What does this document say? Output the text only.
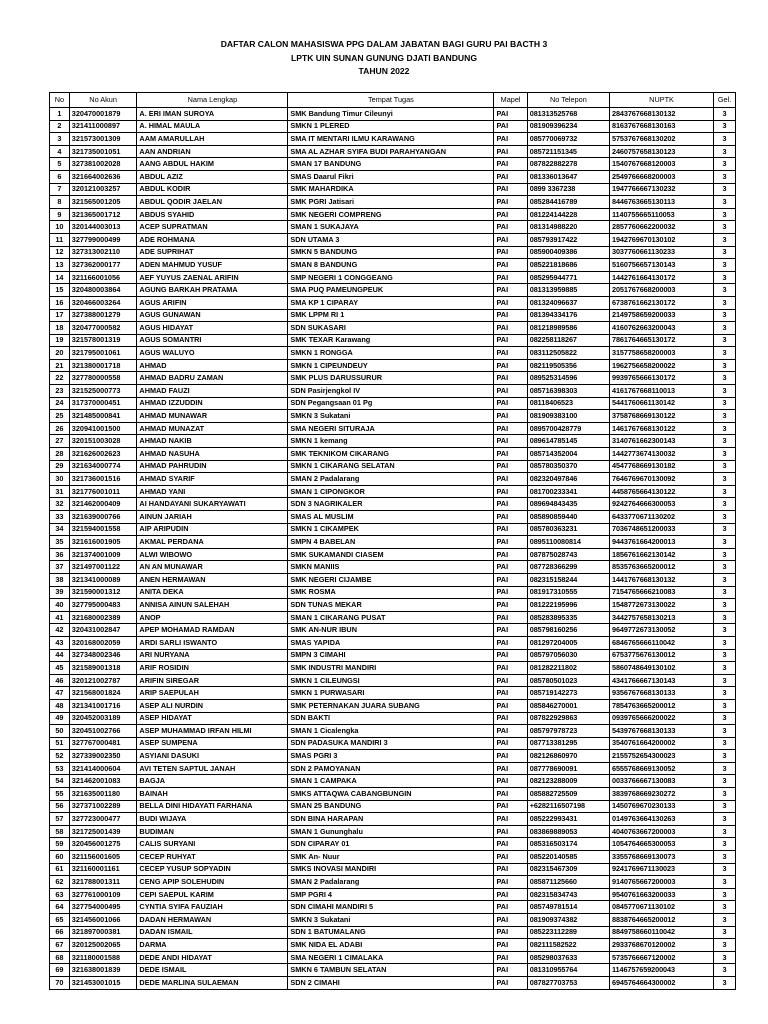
DAFTAR CALON MAHASISWA PPG DALAM JABATAN BAGI GURU PAI BACTH 3
LPTK UIN SUNAN GUNUNG DJATI BANDUNG
TAHUN 2022
No	No Akun	Nama Lengkap	Tempat Tugas	Mapel	No Telepon	NUPTK	Gel.
1	320470001879	A. ERI IMAN SUROYA	SMK Bandung Timur Cileunyi	PAI	081313525768	2843767668130132	3
2	321411000897	A. HIMAL MAULA	SMKN 1 PLERED	PAI	081909396234	8163767668130163	3
3	321573001309	AAM AMARULLAH	SMA IT MENTARI ILMU KARAWANG	PAI	085770069732	5753767668130202	3
4	321735001051	AAN ANDRIAN	SMA AL AZHAR SYIFA BUDI PARAHYANGAN	PAI	085721151345	2460757658130123	3
5	327381002028	AANG ABDUL HAKIM	SMAN 17 BANDUNG	PAI	087822882278	1540767668120003	3
6	321664002636	ABDUL AZIZ	SMAS Daarul Fikri	PAI	081336013647	2549766668200003	3
7	320121003257	ABDUL KODIR	SMK MAHARDIKA	PAI	0899 3367238	1947766667130232	3
8	321565001205	ABDUL QODIR JAELAN	SMK PGRI Jatisari	PAI	085284416789	8446763665130113	3
9	321365001712	ABDUS SYAHID	SMK NEGERI COMPRENG	PAI	081224144228	1140755665110053	3
10	320144003013	ACEP SUPRATMAN	SMAN 1 SUKAJAYA	PAI	081314988220	2857760662200032	3
11	327799000499	ADE ROHMANA	SDN UTAMA 3	PAI	085793917422	1942769670130102	3
12	327313002110	ADE SUPRIHAT	SMKN 5 BANDUNG	PAI	085900409386	3037760661130233	3
13	327362000177	ADEN MAHMUD YUSUF	SMAN 8 BANDUNG	PAI	085221818686	5160756657130143	3
14	321166001056	AEF YUYUS ZAENAL ARIFIN	SMP NEGERI 1 CONGGEANG	PAI	085295944771	1442761664130172	3
15	320480003864	AGUNG BARKAH PRATAMA	SMA PUQ PAMEUNGPEUK	PAI	081313959885	2051767668200003	3
16	320466003264	AGUS ARIFIN	SMA KP 1 CIPARAY	PAI	081324096637	6738761662130172	3
17	327388001279	AGUS GUNAWAN	SMK LPPM RI 1	PAI	081394334176	2149758659200033	3
18	320477000582	AGUS HIDAYAT	SDN SUKASARI	PAI	081218989586	4160762663200043	3
19	321578001319	AGUS SOMANTRI	SMK TEXAR Karawang	PAI	082258118267	7861764665130172	3
20	321795001061	AGUS WALUYO	SMKN 1 RONGGA	PAI	083112505822	3157758658200003	3
21	321380001718	AHMAD	SMKN 1 CIPEUNDEUY	PAI	082119505356	1962756658200022	3
22	327780000558	AHMAD BADRU ZAMAN	SMK PLUS DARUSSURUR	PAI	089525314596	9939765666130172	3
23	321525000773	AHMAD FAUZI	SDN Pasirjengkol IV	PAI	085716398303	4161767668110013	3
24	317370000451	AHMAD IZZUDDIN	SDN Pegangsaan 01 Pg	PAI	08118406523	5441760661130142	3
25	321485000841	AHMAD MUNAWAR	SMKN 3 Sukatani	PAI	081909383100	3758768669130122	3
26	320941001500	AHMAD MUNAZAT	SMA NEGERI SITURAJA	PAI	0895700428779	1461767668130122	3
27	320151003028	AHMAD NAKIB	SMKN 1 kemang	PAI	089614785145	3140761662300143	3
28	321626002623	AHMAD NASUHA	SMK TEKNIKOM CIKARANG	PAI	085714352004	1442773674130032	3
29	321634000774	AHMAD PAHRUDIN	SMKN 1 CIKARANG SELATAN	PAI	085780350370	4547768669130182	3
30	321736001516	AHMAD SYARIF	SMAN 2 Padalarang	PAI	082320497846	7646769670130092	3
31	321776001011	AHMAD YANI	SMAN 1 CIPONGKOR	PAI	081700233341	4458765664130122	3
32	321462000409	AI HANDAYANI SUKARYAWATI	SDN 3 NAGRIKALER	PAI	089694843435	9242764666300053	3
33	321639000766	AINUN JARIAH	SMAS AL MUSLIM	PAI	085890859440	6433770671130202	3
34	321594001558	AIP ARIPUDIN	SMKN 1 CIKAMPEK	PAI	085780363231	7036748651200033	3
35	321616001905	AKMAL PERDANA	SMPN 4 BABELAN	PAI	0895110080814	9443761664200013	3
36	321374001009	ALWI WIBOWO	SMK SUKAMANDI CIASEM	PAI	087875028743	1856761662130142	3
37	321497001122	AN AN MUNAWAR	SMKN MANIIS	PAI	087728366299	8535763665200012	3
38	321341000089	ANEN HERMAWAN	SMK NEGERI CIJAMBE	PAI	082315158244	1441767668130132	3
39	321590001312	ANITA DEKA	SMK ROSMA	PAI	081917310555	7154765666210083	3
40	327795000483	ANNISA AINUN SALEHAH	SDN TUNAS MEKAR	PAI	081222195996	1548772673130022	3
41	321680002389	ANOP	SMAN 1 CIKARANG PUSAT	PAI	085283895335	3442757658130213	3
42	320431002847	APEP MOHAMAD RAMDAN	SMK AN-NUR IBUN	PAI	085798160256	9649772673130052	3
43	320168002059	ARDI SARLI ISWANTO	SMAS YAPIDA	PAI	081297204005	6846765666110042	3
44	327348002346	ARI NURYANA	SMPN 3 CIMAHI	PAI	085797056030	6753775676130012	3
45	321589001318	ARIF ROSIDIN	SMK INDUSTRI MANDIRI	PAI	081282211802	5860748649130102	3
46	320121002787	ARIFIN SIREGAR	SMKN 1 CILEUNGSI	PAI	085780501023	4341766667130143	3
47	321568001824	ARIP SAEPULAH	SMKN 1 PURWASARI	PAI	085719142273	9356767668130133	3
48	321341001716	ASEP ALI NURDIN	SMK PETERNAKAN JUARA SUBANG	PAI	085846270001	7854763665200012	3
49	320452003189	ASEP HIDAYAT	SDN BAKTI	PAI	087822929863	0939765666200022	3
50	320451002766	ASEP MUHAMMAD IRFAN HILMI	SMAN 1 Cicalengka	PAI	085797978723	5439767668130133	3
51	327767000481	ASEP SUMPENA	SDN PADASUKA MANDIRI 3	PAI	087713381295	3540761664200002	3
52	327339002350	ASYIANI DASUKI	SMAS PGRI 3	PAI	082126860970	2155752654300023	3
53	321414000604	AVI TETEN SAPTUL JANAH	SDN 2 PAMOYANAN	PAI	087778690091	6555768669130052	3
54	321462001083	BAGJA	SMAN 1 CAMPAKA	PAI	082123288009	0033766667130083	3
55	321635001180	BAINAH	SMKS ATTAQWA CABANGBUNGIN	PAI	085882725509	3839768669230272	3
56	327371002289	BELLA DINI HIDAYATI FARHANA	SMAN 25 BANDUNG	PAI	+6282116507198	1450769670230133	3
57	327723000477	BUDI WIJAYA	SDN BINA HARAPAN	PAI	085222993431	0149763664130263	3
58	321725001439	BUDIMAN	SMAN 1 Gununghalu	PAI	083869889053	4040763667200003	3
59	320456001275	CALIS SURYANI	SDN CIPARAY 01	PAI	085316503174	1054764665300053	3
60	321156001605	CECEP RUHYAT	SMK An- Nuur	PAI	085220140585	3355768669130073	3
61	321160001161	CECEP YUSUP SOPYADIN	SMKS INOVASI MANDIRI	PAI	082315467309	9241769671130023	3
62	321788001311	CENG APIP SOLEHUDIN	SMAN 2 Padalarang	PAI	085871125660	9140765667200003	3
63	327761000109	CEPI SAEPUL KARIM	SMP PGRI 4	PAI	082315834743	9540761663200033	3
64	327754000495	CYNTIA SYIFA FAUZIAH	SDN CIMAHI MANDIRI 5	PAI	085749781514	0845770671130102	3
65	321456001066	DADAN HERMAWAN	SMKN 3 Sukatani	PAI	081909374382	8838764665200012	3
66	321897000381	DADAN ISMAIL	SDN 1 BATUMALANG	PAI	085223112289	8849758660110042	3
67	320125002065	DARMA	SMK NIDA EL ADABI	PAI	082111582522	2933768670120002	3
68	321180001588	DEDE ANDI HIDAYAT	SMA NEGERI 1 CIMALAKA	PAI	085298037633	5735766667120002	3
69	321638001839	DEDE ISMAIL	SMKN 6 TAMBUN SELATAN	PAI	081310955764	1146757659200043	3
70	321453001015	DEDE MARLINA SULAEMAN	SDN 2 CIMAHI	PAI	087827703753	6945764664300002	3
